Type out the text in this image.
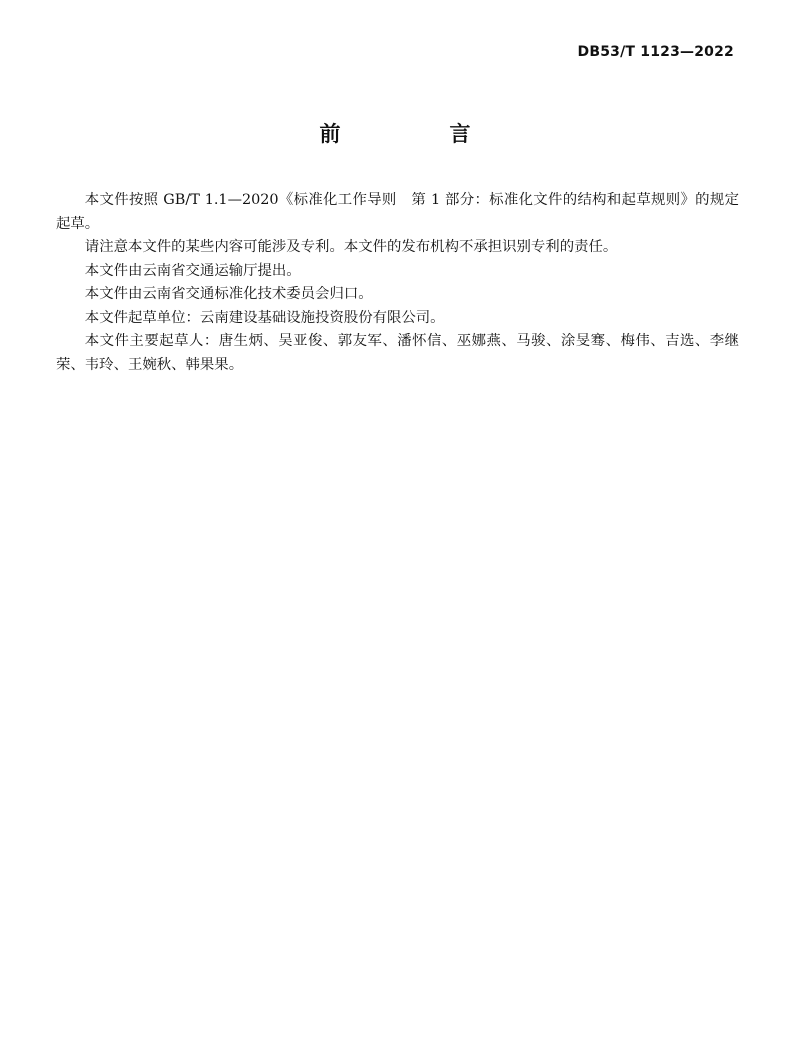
DB53/T 1123—2022
前　言

本文件按照 GB/T 1.1—2020《标准化工作导则　第 1 部分：标准化文件的结构和起草规则》的规定起草。

请注意本文件的某些内容可能涉及专利。本文件的发布机构不承担识别专利的责任。

本文件由云南省交通运输厅提出。

本文件由云南省交通标准化技术委员会归口。

本文件起草单位：云南建设基础设施投资股份有限公司。

本文件主要起草人：唐生炳、吴亚俊、郭友军、潘怀信、巫娜燕、马骏、涂旻骞、梅伟、吉选、李继荣、韦玲、王婉秋、韩果果。
